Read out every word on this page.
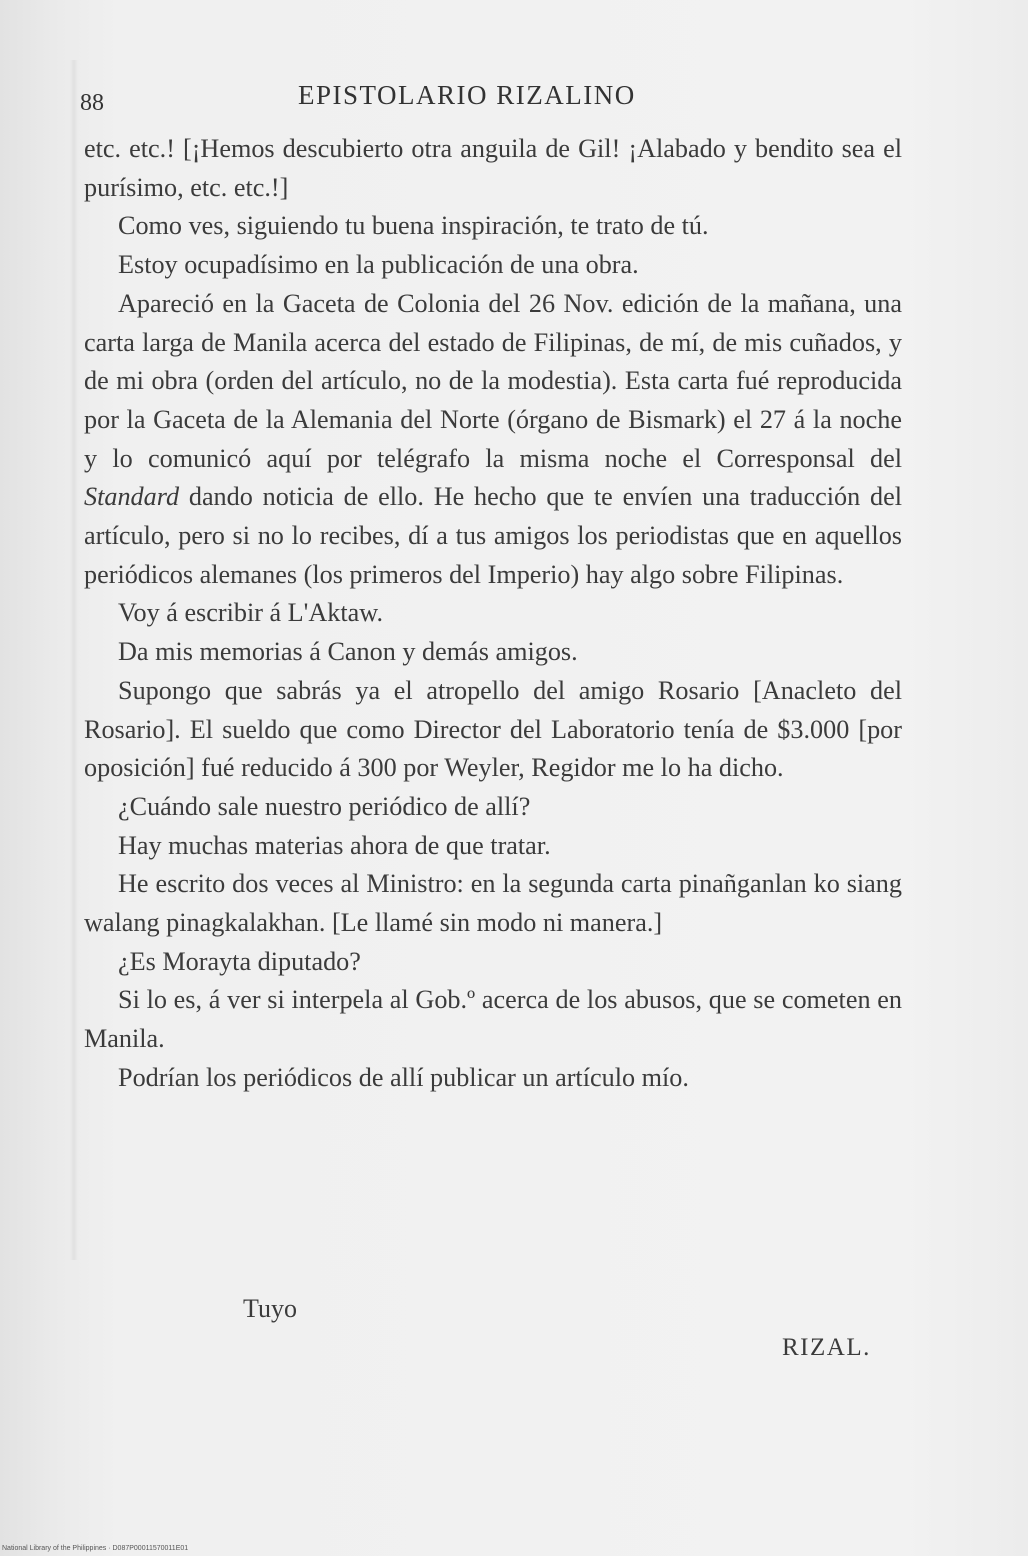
88	EPISTOLARIO RIZALINO

etc. etc.! [¡Hemos descubierto otra anguila de Gil! ¡Alabado y bendito sea el purísimo, etc. etc.!]

Como ves, siguiendo tu buena inspiración, te trato de tú.

Estoy ocupadísimo en la publicación de una obra.

Apareció en la Gaceta de Colonia del 26 Nov. edición de la mañana, una carta larga de Manila acerca del estado de Filipinas, de mí, de mis cuñados, y de mi obra (orden del artículo, no de la modestia). Esta carta fué reproducida por la Gaceta de la Alemania del Norte (órgano de Bismark) el 27 á la noche y lo comunicó aquí por telégrafo la misma noche el Corresponsal del Standard dando noticia de ello. He hecho que te envíen una traducción del artículo, pero si no lo recibes, dí a tus amigos los periodistas que en aquellos periódicos alemanes (los primeros del Imperio) hay algo sobre Filipinas.

Voy á escribir á L'Aktaw.

Da mis memorias á Canon y demás amigos.

Supongo que sabrás ya el atropello del amigo Rosario [Anacleto del Rosario]. El sueldo que como Director del Laboratorio tenía de $3.000 [por oposición] fué reducido á 300 por Weyler, Regidor me lo ha dicho.

¿Cuándo sale nuestro periódico de allí?

Hay muchas materias ahora de que tratar.

He escrito dos veces al Ministro: en la segunda carta pinañganlan ko siang walang pinagkalakhan. [Le llamé sin modo ni manera.]

¿Es Morayta diputado?

Si lo es, á ver si interpela al Gob.º acerca de los abusos, que se cometen en Manila.

Podrían los periódicos de allí publicar un artículo mío.

Tuyo
RIZAL.
National Library of the Philippines · D087P00011570011E01
